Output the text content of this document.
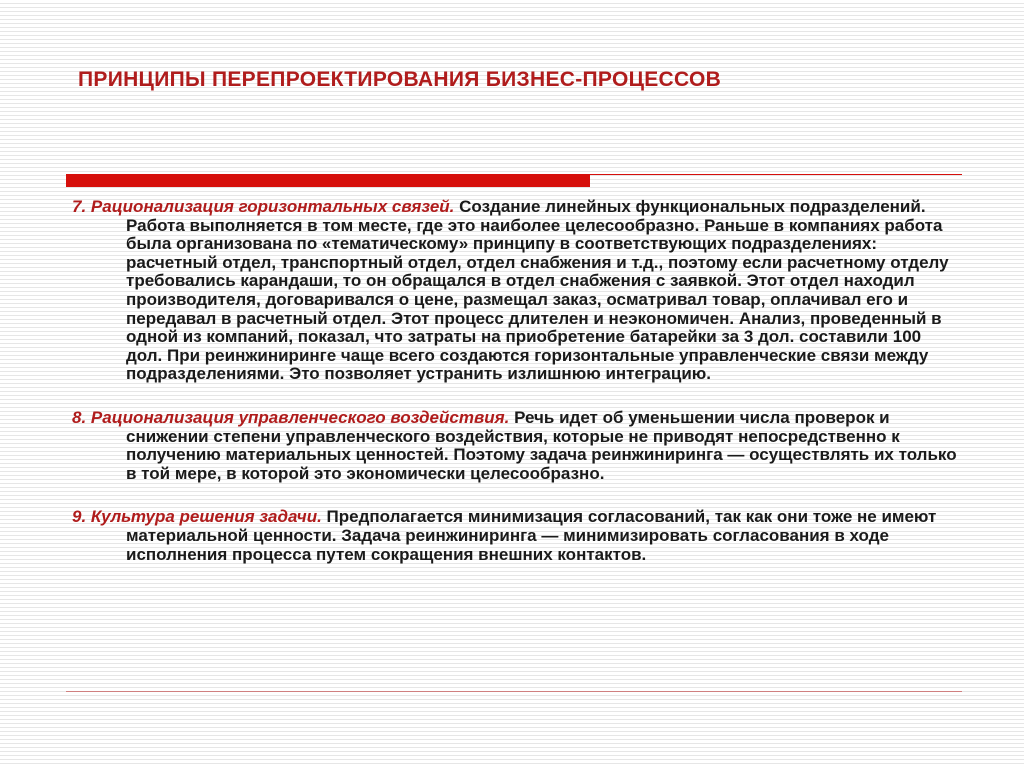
ПРИНЦИПЫ ПЕРЕПРОЕКТИРОВАНИЯ БИЗНЕС-ПРОЦЕССОВ

7. Рационализация горизонтальных связей. Создание линейных функциональных подразделений. Работа выполняется в том месте, где это наиболее целесообразно. Раньше в компаниях работа была организована по «тематическому» принципу в соответствующих подразделениях: расчетный отдел, транспортный отдел, отдел снабжения и т.д., поэтому если расчетному отделу требовались карандаши, то он обращался в отдел снабжения с заявкой. Этот отдел находил производителя, договаривался о цене, размещал заказ, осматривал товар, оплачивал его и передавал в расчетный отдел. Этот процесс длителен и неэкономичен. Анализ, проведенный в одной из компаний, показал, что затраты на приобретение батарейки за 3 дол. составили 100 дол. При реинжиниринге чаще всего создаются горизонтальные управленческие связи между подразделениями. Это позволяет устранить излишнюю интеграцию.

8. Рационализация управленческого воздействия. Речь идет об уменьшении числа проверок и снижении степени управленческого воздействия, которые не приводят непосредственно к получению материальных ценностей. Поэтому задача реинжиниринга — осуществлять их только в той мере, в которой это экономически целесообразно.

9. Культура решения задачи. Предполагается минимизация согласований, так как они тоже не имеют материальной ценности. Задача реинжиниринга — минимизировать согласования в ходе исполнения процесса путем сокращения внешних контактов.
